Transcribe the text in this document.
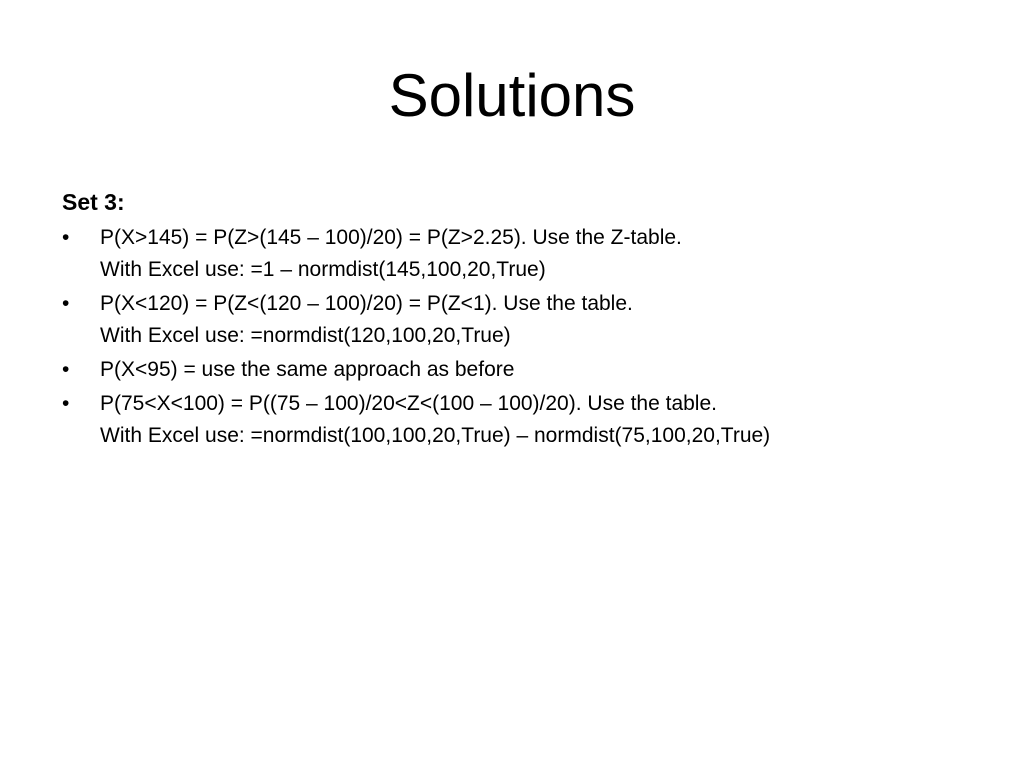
Solutions
Set 3:
•	P(X>145) = P(Z>(145 – 100)/20) = P(Z>2.25). Use the Z-table.
With Excel use: =1 – normdist(145,100,20,True)
•	P(X<120) = P(Z<(120 – 100)/20) = P(Z<1). Use the table.
With Excel use: =normdist(120,100,20,True)
•	P(X<95) = use the same approach as before
•	P(75<X<100) = P((75 – 100)/20<Z<(100 – 100)/20). Use the table.
With Excel use: =normdist(100,100,20,True) – normdist(75,100,20,True)
